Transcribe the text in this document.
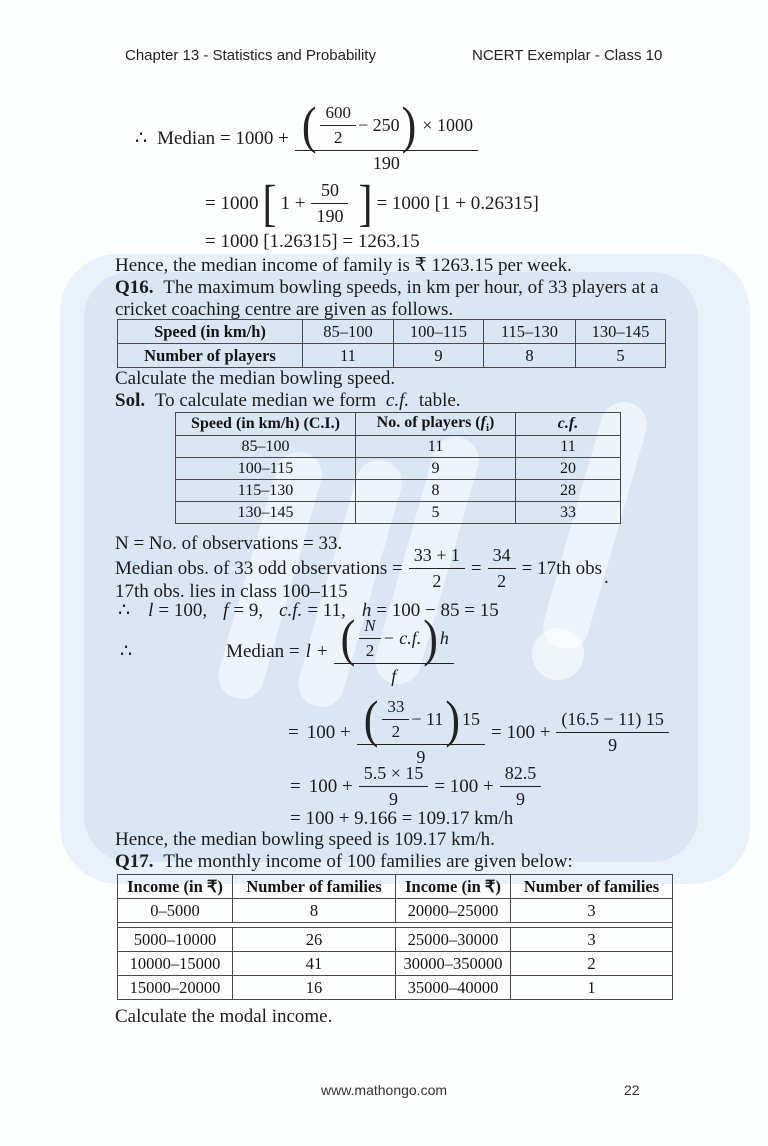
Chapter 13 - Statistics and Probability	NCERT Exemplar - Class 10
∴ Median = 1000 + ( $\frac{600}{2} - 250$ ) × 1000
190
= 1000 [ $1 + \frac{50}{190}$ ] = 1000 [1 + 0.26315]
= 1000 [1.26315] = 1263.15
Hence, the median income of family is ₹ 1263.15 per week.
Q16. The maximum bowling speeds, in km per hour, of 33 players at a cricket coaching centre are given as follows.
Speed (in km/h)	85–100	100–115	115–130	130–145
Number of players	11	9	8	5
Calculate the median bowling speed.
Sol. To calculate median we form c.f. table.
Speed (in km/h) (C.I.)	No. of players $(f_i)$	c.f.
85–100	11	11
100–115	9	20
115–130	8	28
130–145	5	33
N = No. of observations = 33.
Median obs. of 33 odd observations = $\frac{33 + 1}{2} = \frac{34}{2} = 17th$ obs .
17th obs. lies in class 100–115
∴ l = 100, f = 9, c.f. = 11, h = 100 − 85 = 15
∴	Median = l + ( $\frac{N}{2} - c.f$. ) h
f
= 100 + ( $\frac{33}{2} - 11$ ) 15
9
= $100 + \frac{(16.5 - 11) 15}{9}$
= $100 + \frac{5.5 \times 15}{9} = 100 + \frac{82.5}{9}$
= 100 + 9.166 = 109.17 km/h
Hence, the median bowling speed is 109.17 km/h.
Q17. The monthly income of 100 families are given below:
Income (in ₹)	Number of families	Income (in ₹)	Number of families
0–5000	8	20000–25000	3

5000–10000	26	25000–30000	3
10000–15000	41	30000–350000	2
15000–20000	16	35000–40000	1
Calculate the modal income.
www.mathongo.com	22
